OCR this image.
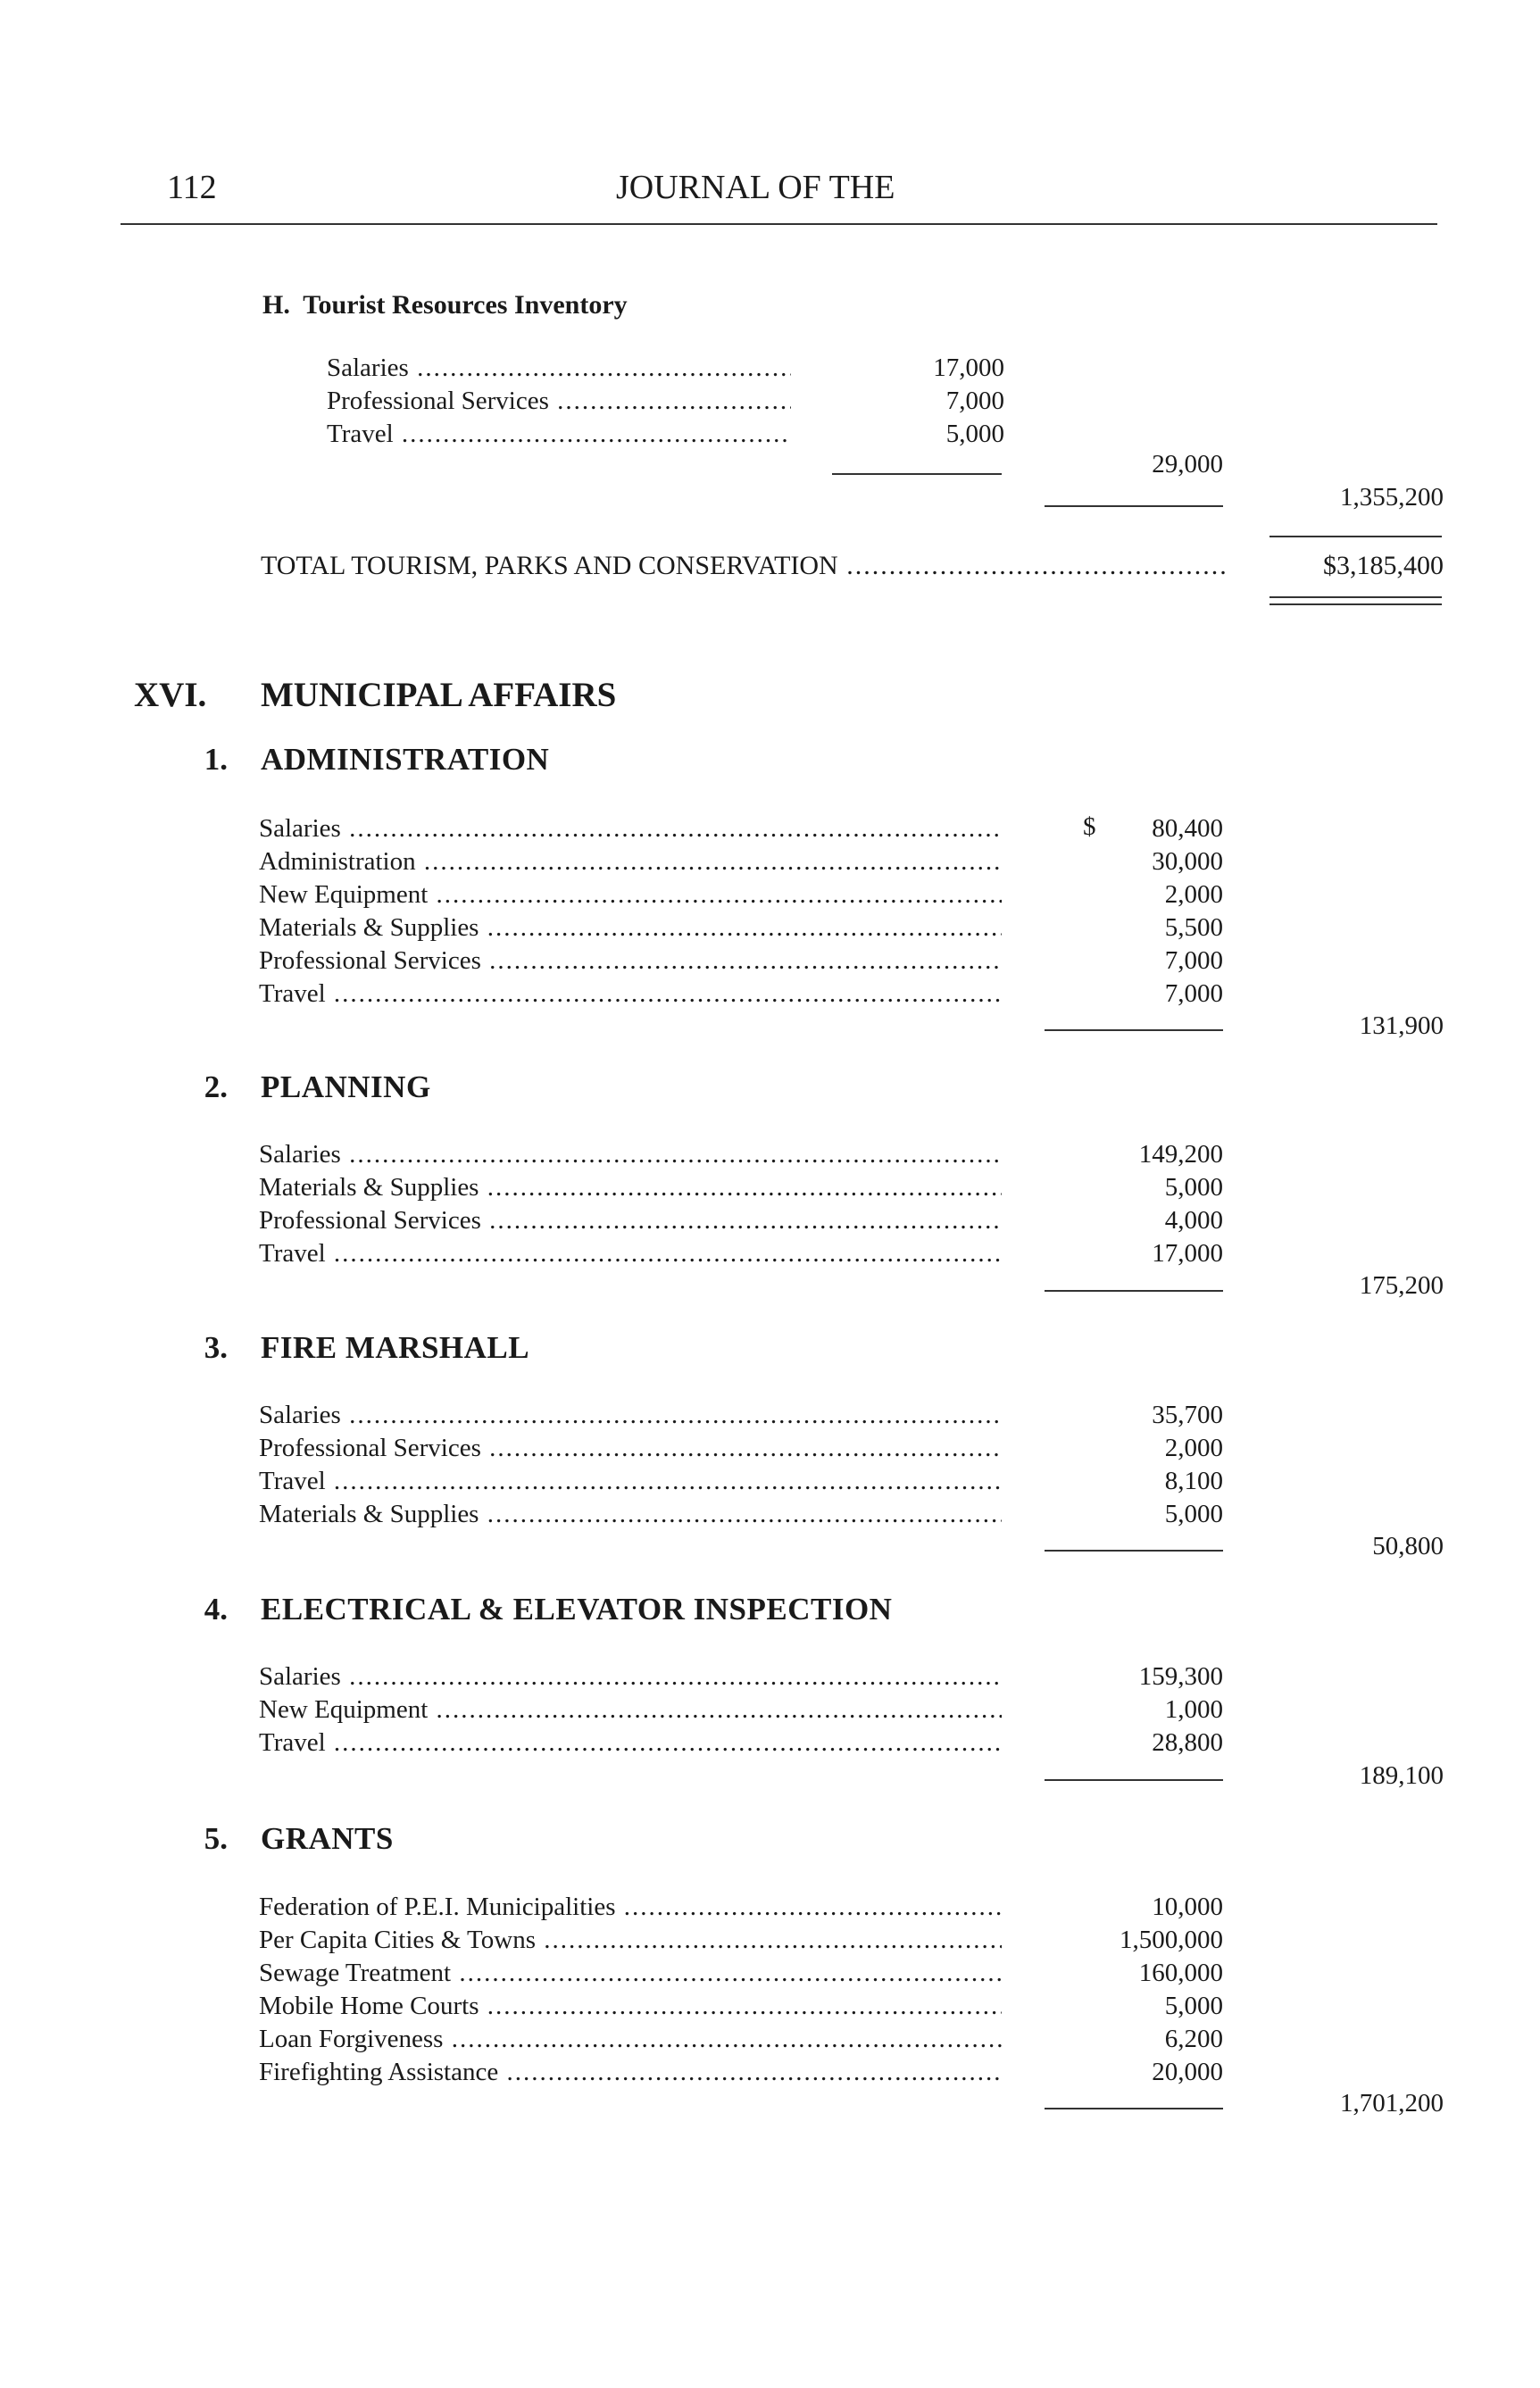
112	JOURNAL OF THE
H.  Tourist Resources Inventory
Salaries .....	17,000
Professional Services .....	7,000
Travel .....	5,000
29,000
1,355,200
TOTAL TOURISM, PARKS AND CONSERVATION .....	$3,185,400
XVI. MUNICIPAL AFFAIRS
1. ADMINISTRATION
Salaries .....	$	80,400
Administration .....	30,000
New Equipment .....	2,000
Materials & Supplies .....	5,500
Professional Services .....	7,000
Travel .....	7,000
131,900
2. PLANNING
Salaries .....	149,200
Materials & Supplies .....	5,000
Professional Services .....	4,000
Travel .....	17,000
175,200
3. FIRE MARSHALL
Salaries .....	35,700
Professional Services .....	2,000
Travel .....	8,100
Materials & Supplies .....	5,000
50,800
4. ELECTRICAL & ELEVATOR INSPECTION
Salaries .....	159,300
New Equipment .....	1,000
Travel .....	28,800
189,100
5. GRANTS
Federation of P.E.I. Municipalities .....	10,000
Per Capita Cities & Towns .....	1,500,000
Sewage Treatment .....	160,000
Mobile Home Courts .....	5,000
Loan Forgiveness .....	6,200
Firefighting Assistance .....	20,000
1,701,200
